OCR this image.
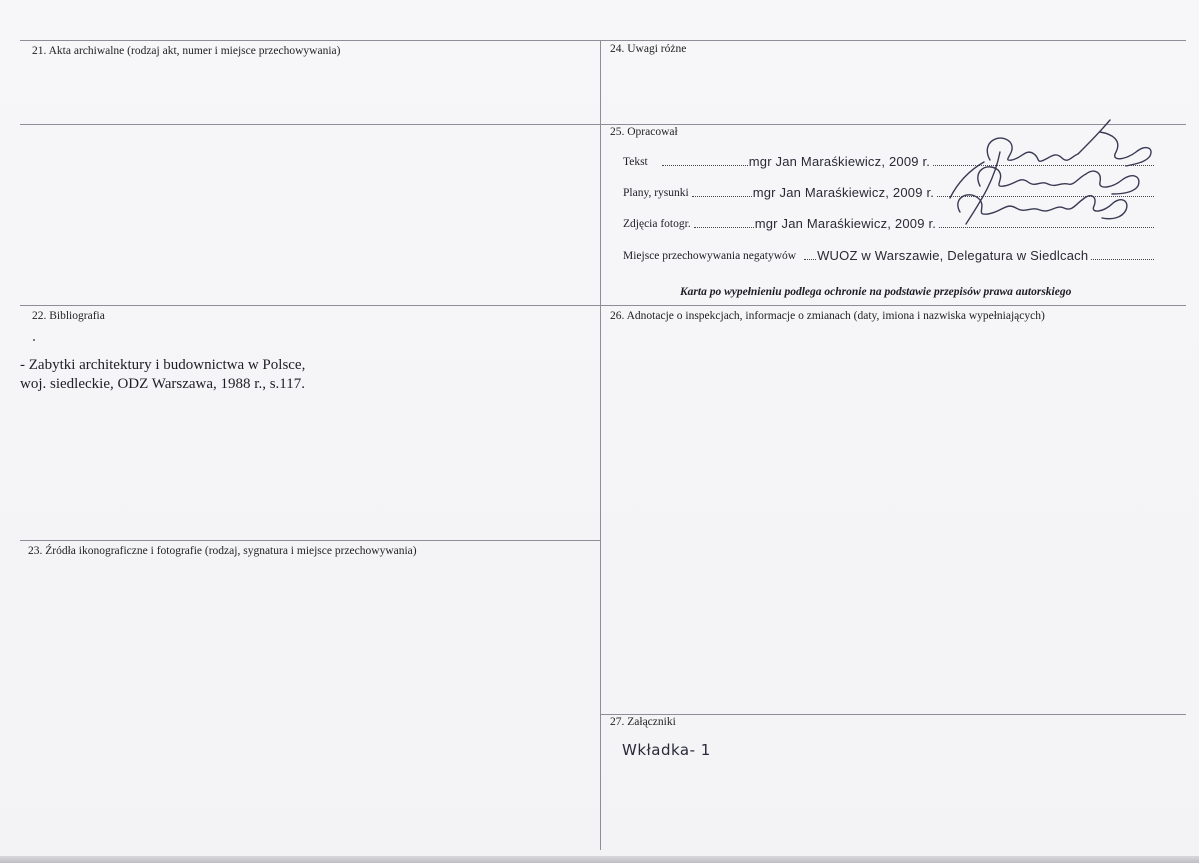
21. Akta archiwalne (rodzaj akt, numer i miejsce przechowywania)
22. Bibliografia
- Zabytki architektury i budownictwa w Polsce,
woj. siedleckie, ODZ Warszawa, 1988 r., s.117.
23. Źródła ikonograficzne i fotografie (rodzaj, sygnatura i miejsce przechowywania)
24. Uwagi różne
25. Opracował
Tekst	mgr Jan Maraśkiewicz, 2009 r.
Plany, rysunki	mgr Jan Maraśkiewicz, 2009 r.
Zdjęcia fotogr.	mgr Jan Maraśkiewicz, 2009 r.
Miejsce przechowywania negatywów WUOZ w Warszawie, Delegatura w Siedlcach
Karta po wypełnieniu podlega ochronie na podstawie przepisów prawa autorskiego
26. Adnotacje o inspekcjach, informacje o zmianach (daty, imiona i nazwiska wypełniających)
27. Załączniki
Wkładka- 1
